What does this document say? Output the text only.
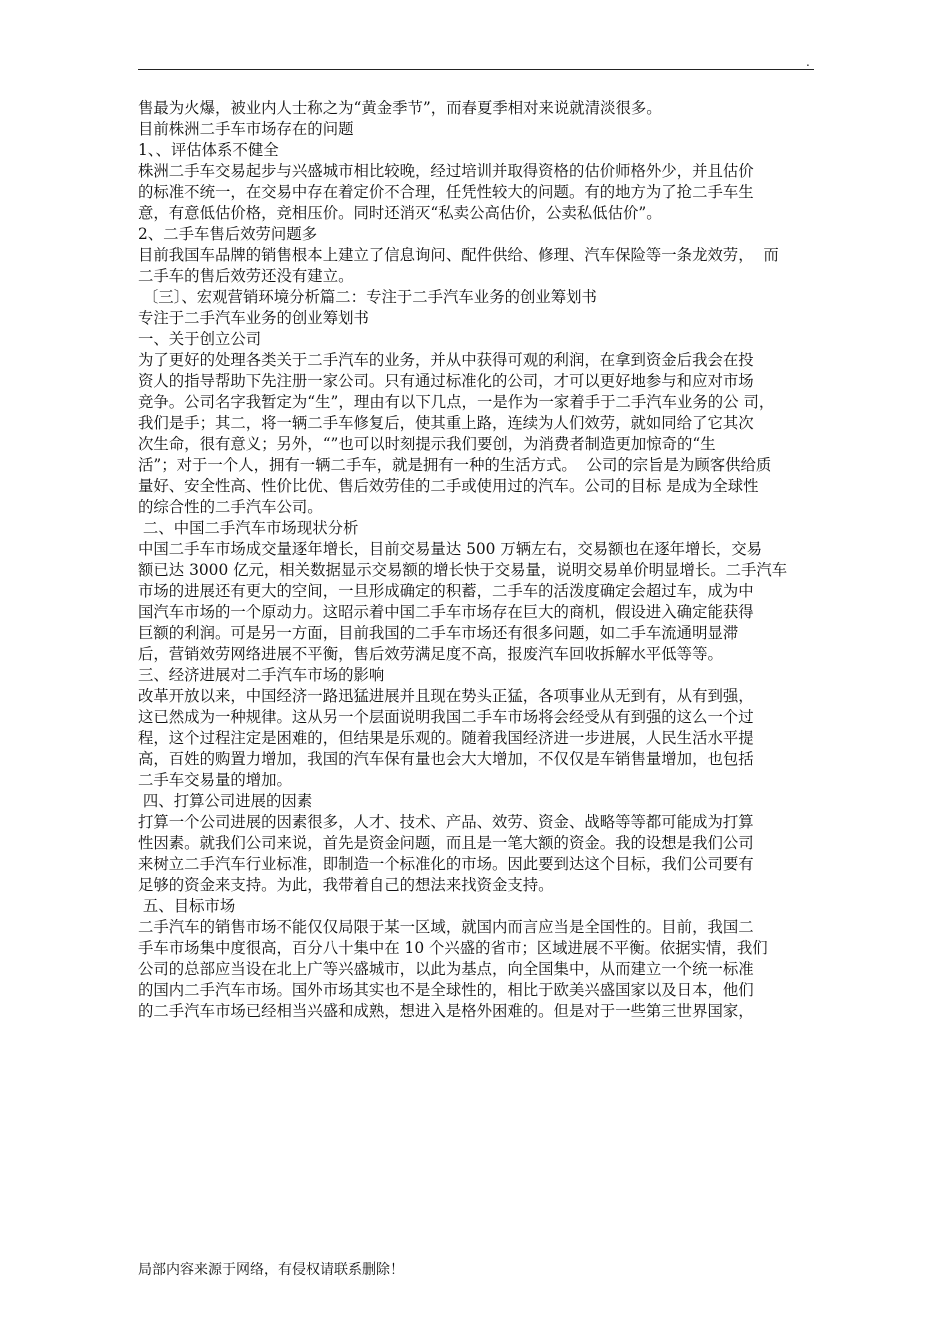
.

售最为火爆，被业内人士称之为“黄金季节”，而春夏季相对来说就清淡很多。

目前株洲二手车市场存在的问题

1、、评估体系不健全

株洲二手车交易起步与兴盛城市相比较晚，经过培训并取得资格的估价师格外少，并且估价

的标准不统一，在交易中存在着定价不合理，任凭性较大的问题。有的地方为了抢二手车生

意，有意低估价格，竞相压价。同时还消灭“私卖公高估价，公卖私低估价”。

2、二手车售后效劳问题多

目前我国车品牌的销售根本上建立了信息询问、配件供给、修理、汽车保险等一条龙效劳，  而

二手车的售后效劳还没有建立。

〔三〕、宏观营销环境分析篇二：专注于二手汽车业务的创业筹划书

专注于二手汽车业务的创业筹划书

一、关于创立公司

为了更好的处理各类关于二手汽车的业务，并从中获得可观的利润，在拿到资金后我会在投

资人的指导帮助下先注册一家公司。只有通过标准化的公司，才可以更好地参与和应对市场

竞争。公司名字我暂定为“生”，理由有以下几点，一是作为一家着手于二手汽车业务的公 司，

我们是手；其二，将一辆二手车修复后，使其重上路，连续为人们效劳，就如同给了它其次

次生命，很有意义；另外，“”也可以时刻提示我们要创，为消费者制造更加惊奇的“生

活”；对于一个人，拥有一辆二手车，就是拥有一种的生活方式。  公司的宗旨是为顾客供给质

量好、安全性高、性价比优、售后效劳佳的二手或使用过的汽车。公司的目标 是成为全球性

的综合性的二手汽车公司。

二、中国二手汽车市场现状分析

中国二手车市场成交量逐年增长，目前交易量达 500 万辆左右，交易额也在逐年增长，交易

额已达 3000 亿元，相关数据显示交易额的增长快于交易量，说明交易单价明显增长。二手汽车

市场的进展还有更大的空间，一旦形成确定的积蓄，二手车的活泼度确定会超过车，成为中

国汽车市场的一个原动力。这昭示着中国二手车市场存在巨大的商机，假设进入确定能获得

巨额的利润。可是另一方面，目前我国的二手车市场还有很多问题，如二手车流通明显滞

后，营销效劳网络进展不平衡，售后效劳满足度不高，报废汽车回收拆解水平低等等。

三、经济进展对二手汽车市场的影响

改革开放以来，中国经济一路迅猛进展并且现在势头正猛，各项事业从无到有，从有到强，

这已然成为一种规律。这从另一个层面说明我国二手车市场将会经受从有到强的这么一个过

程，这个过程注定是困难的，但结果是乐观的。随着我国经济进一步进展，人民生活水平提

高，百姓的购置力增加，我国的汽车保有量也会大大增加，不仅仅是车销售量增加，也包括

二手车交易量的增加。

四、打算公司进展的因素

打算一个公司进展的因素很多，人才、技术、产品、效劳、资金、战略等等都可能成为打算

性因素。就我们公司来说，首先是资金问题，而且是一笔大额的资金。我的设想是我们公司

来树立二手汽车行业标准，即制造一个标准化的市场。因此要到达这个目标，我们公司要有

足够的资金来支持。为此，我带着自己的想法来找资金支持。

五、目标市场

二手汽车的销售市场不能仅仅局限于某一区域，就国内而言应当是全国性的。目前，我国二

手车市场集中度很高，百分八十集中在 10 个兴盛的省市；区域进展不平衡。依据实情，我们

公司的总部应当设在北上广等兴盛城市，以此为基点，向全国集中，从而建立一个统一标准

的国内二手汽车市场。国外市场其实也不是全球性的，相比于欧美兴盛国家以及日本，他们

的二手汽车市场已经相当兴盛和成熟，想进入是格外困难的。但是对于一些第三世界国家，

局部内容来源于网络，有侵权请联系删除！
